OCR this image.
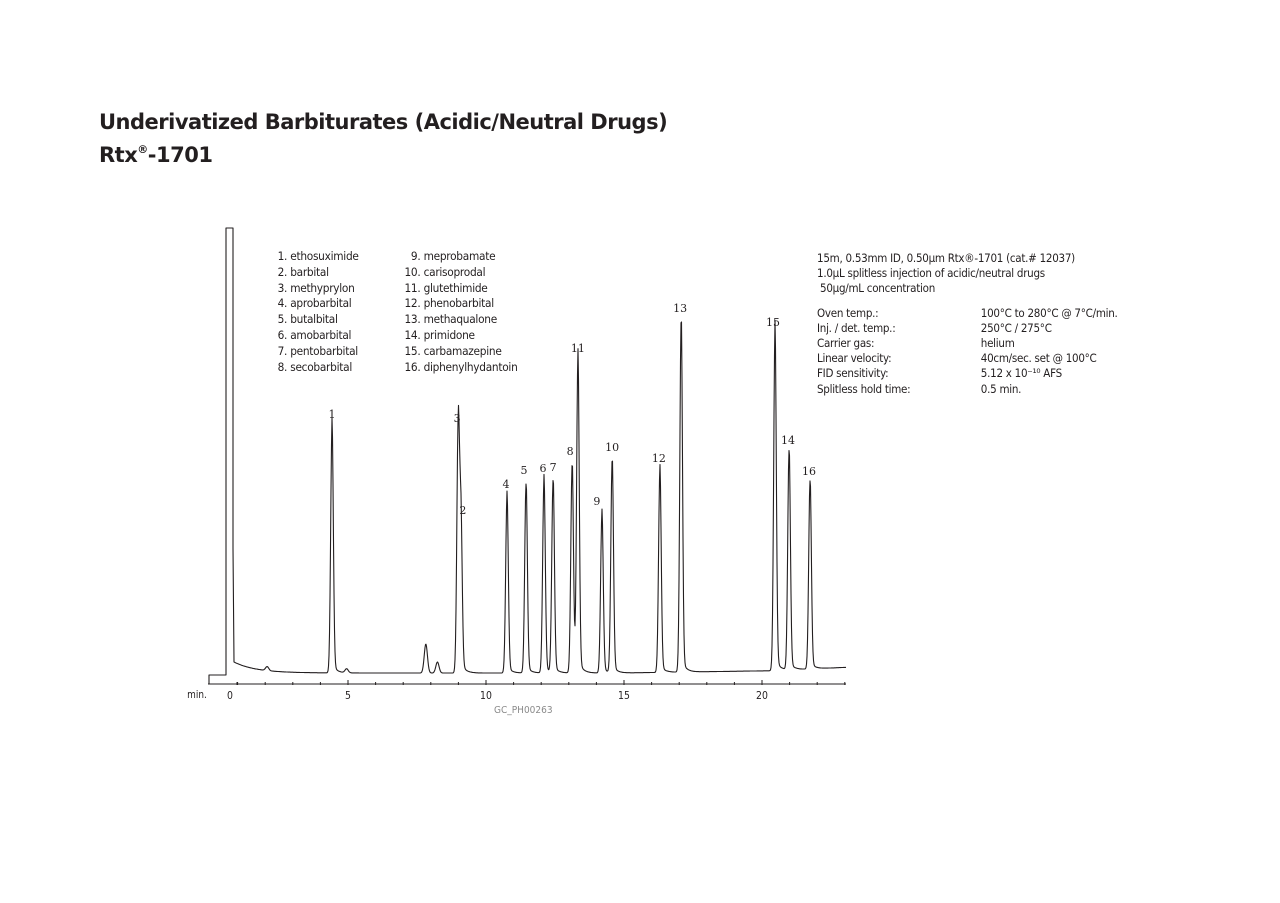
Underivatized Barbiturates (Acidic/Neutral Drugs)
Rtx®-1701
1. ethosuximide
2. barbital
3. methyprylon
4. aprobarbital
5. butalbital
6. amobarbital
7. pentobarbital
8. secobarbital
9. meprobamate
10. carisoprodal
11. glutethimide
12. phenobarbital
13. methaqualone
14. primidone
15. carbamazepine
16. diphenylhydantoin
15m, 0.53mm ID, 0.50µm Rtx®-1701 (cat.# 12037)
1.0µL splitless injection of acidic/neutral drugs
50µg/mL concentration
Oven temp.:	100°C to 280°C @ 7°C/min.
Inj. / det. temp.:	250°C / 275°C
Carrier gas:	helium
Linear velocity:	40cm/sec. set @ 100°C
FID sensitivity:	5.12 x 10⁻¹⁰ AFS
Splitless hold time:	0.5 min.
min. 0	5	10	15	20
1
2
3
4
5 6 7
8
9
10
11
12
13
14
15
16
GC_PH00263
